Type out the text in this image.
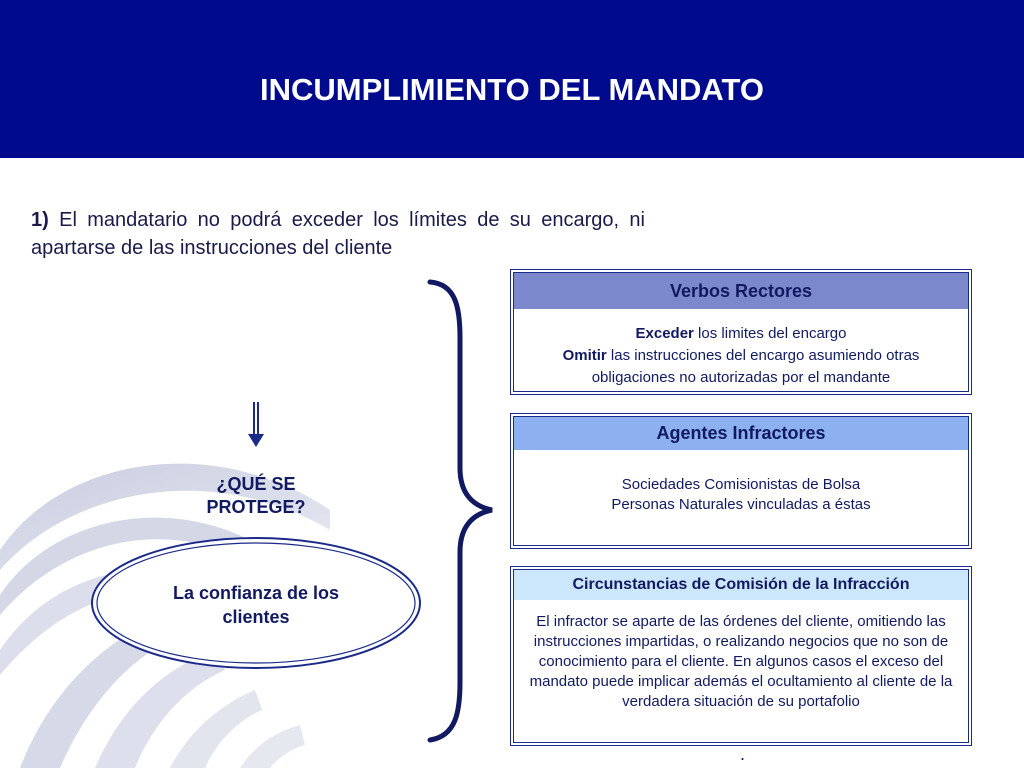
INCUMPLIMIENTO DEL MANDATO
1) El mandatario no podrá exceder los límites de su encargo, ni apartarse de las instrucciones del cliente
¿QUÉ SE
PROTEGE?
La confianza de los
clientes
Verbos Rectores
Exceder los limites del encargo
Omitir las instrucciones del encargo asumiendo otras obligaciones no autorizadas por el mandante
Agentes Infractores
Sociedades Comisionistas de Bolsa
Personas Naturales vinculadas a éstas
Circunstancias de Comisión de la Infracción
El infractor se aparte de las órdenes del cliente, omitiendo las instrucciones impartidas, o realizando negocios que no son de conocimiento para el cliente. En algunos casos el exceso del mandato puede implicar además el ocultamiento al cliente de la verdadera situación de su portafolio
.
